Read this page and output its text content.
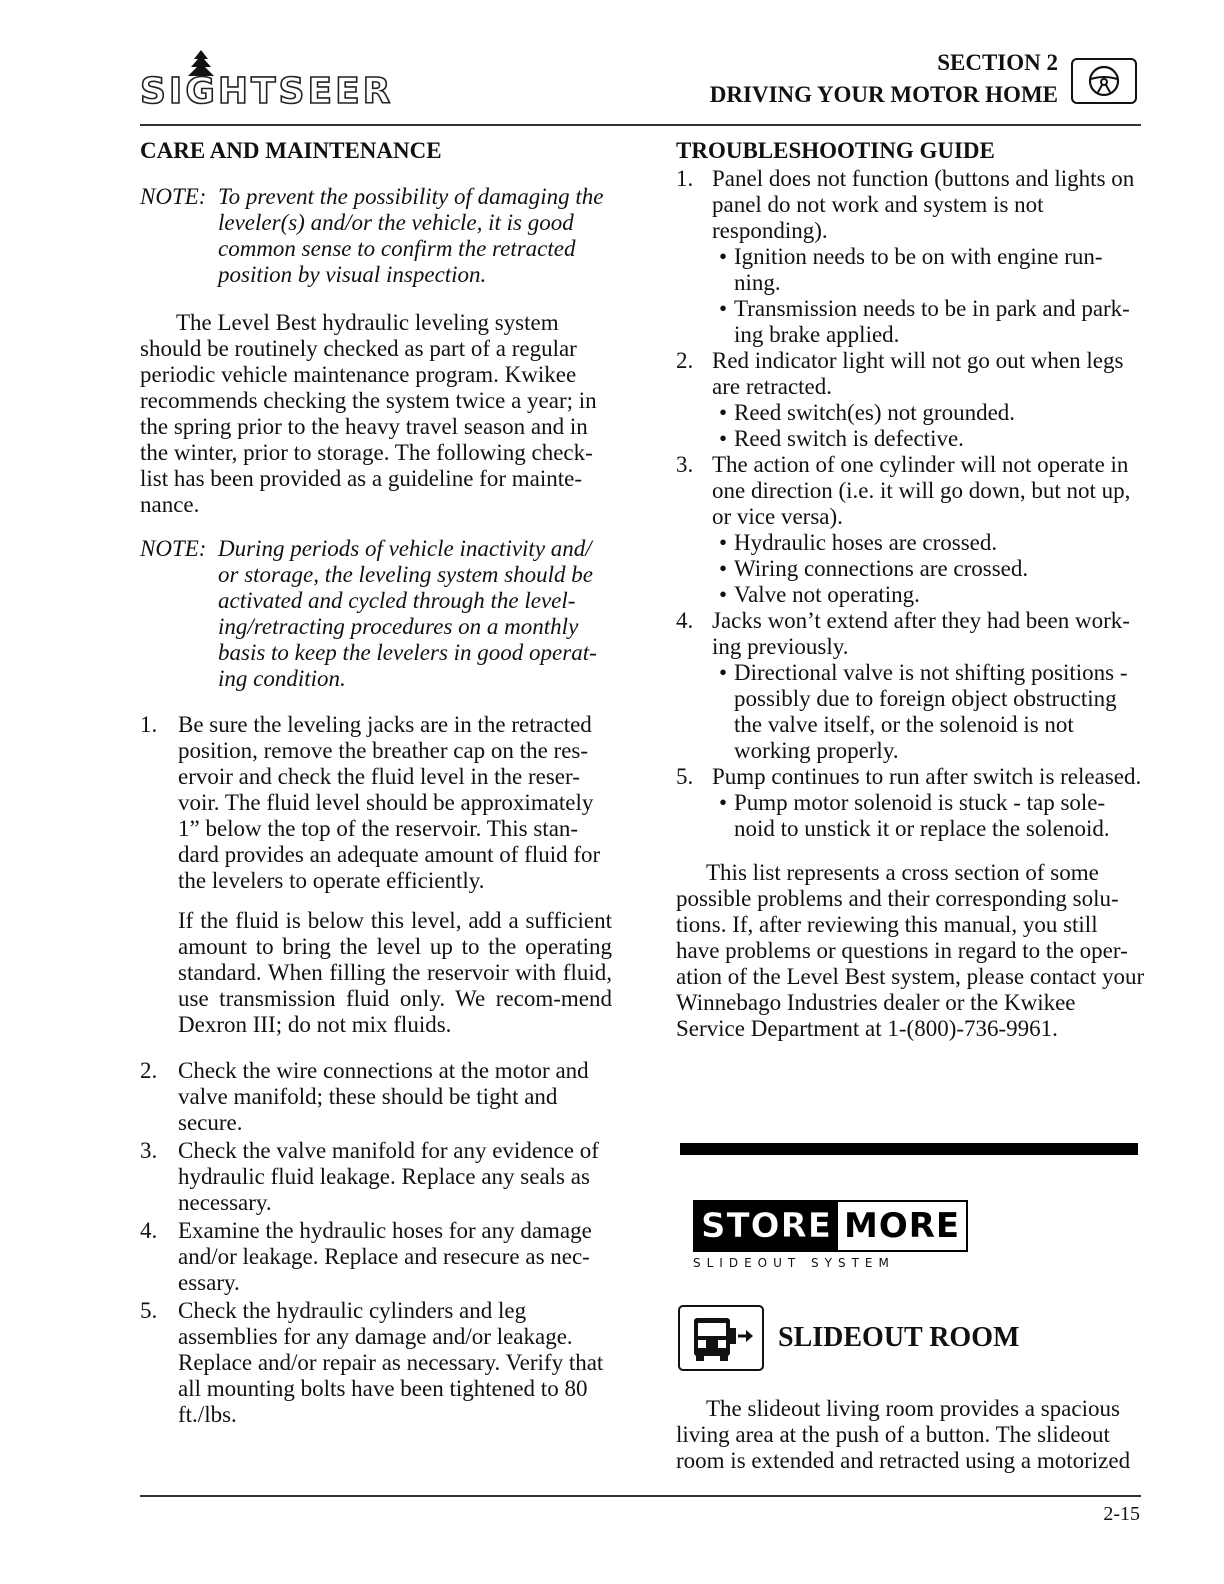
SIGHTSEER
SECTION 2
DRIVING YOUR MOTOR HOME
CARE AND MAINTENANCE
NOTE: To prevent the possibility of damaging the leveler(s) and/or the vehicle, it is good common sense to confirm the retracted position by visual inspection.

The Level Best hydraulic leveling system should be routinely checked as part of a regular periodic vehicle maintenance program. Kwikee recommends checking the system twice a year; in the spring prior to the heavy travel season and in the winter, prior to storage. The following check-list has been provided as a guideline for mainte-nance.

NOTE: During periods of vehicle inactivity and/ or storage, the leveling system should be activated and cycled through the level-ing/retracting procedures on a monthly basis to keep the levelers in good operat-ing condition.
1. Be sure the leveling jacks are in the retracted position, remove the breather cap on the res-ervoir and check the fluid level in the reser-voir. The fluid level should be approximately 1” below the top of the reservoir. This stan-dard provides an adequate amount of fluid for the levelers to operate efficiently.
If the fluid is below this level, add a sufficient amount to bring the level up to the operating standard. When filling the reservoir with fluid, use transmission fluid only. We recom-mend Dexron III; do not mix fluids.
2. Check the wire connections at the motor and valve manifold; these should be tight and secure.
3. Check the valve manifold for any evidence of hydraulic fluid leakage. Replace any seals as necessary.
4. Examine the hydraulic hoses for any damage and/or leakage. Replace and resecure as nec-essary.
5. Check the hydraulic cylinders and leg assemblies for any damage and/or leakage. Replace and/or repair as necessary. Verify that all mounting bolts have been tightened to 80 ft./lbs.
TROUBLESHOOTING GUIDE
1. Panel does not function (buttons and lights on panel do not work and system is not responding).
• Ignition needs to be on with engine run-ning.
• Transmission needs to be in park and park-ing brake applied.
2. Red indicator light will not go out when legs are retracted.
• Reed switch(es) not grounded.
• Reed switch is defective.
3. The action of one cylinder will not operate in one direction (i.e. it will go down, but not up, or vice versa).
• Hydraulic hoses are crossed.
• Wiring connections are crossed.
• Valve not operating.
4. Jacks won’t extend after they had been work-ing previously.
• Directional valve is not shifting positions - possibly due to foreign object obstructing the valve itself, or the solenoid is not working properly.
5. Pump continues to run after switch is released.
• Pump motor solenoid is stuck - tap sole-noid to unstick it or replace the solenoid.

This list represents a cross section of some possible problems and their corresponding solu-tions. If, after reviewing this manual, you still have problems or questions in regard to the oper-ation of the Level Best system, please contact your Winnebago Industries dealer or the Kwikee Service Department at 1-(800)-736-9961.

STORE MORE
SLIDEOUT SYSTEM
SLIDEOUT ROOM

The slideout living room provides a spacious living area at the push of a button. The slideout room is extended and retracted using a motorized

2-15
